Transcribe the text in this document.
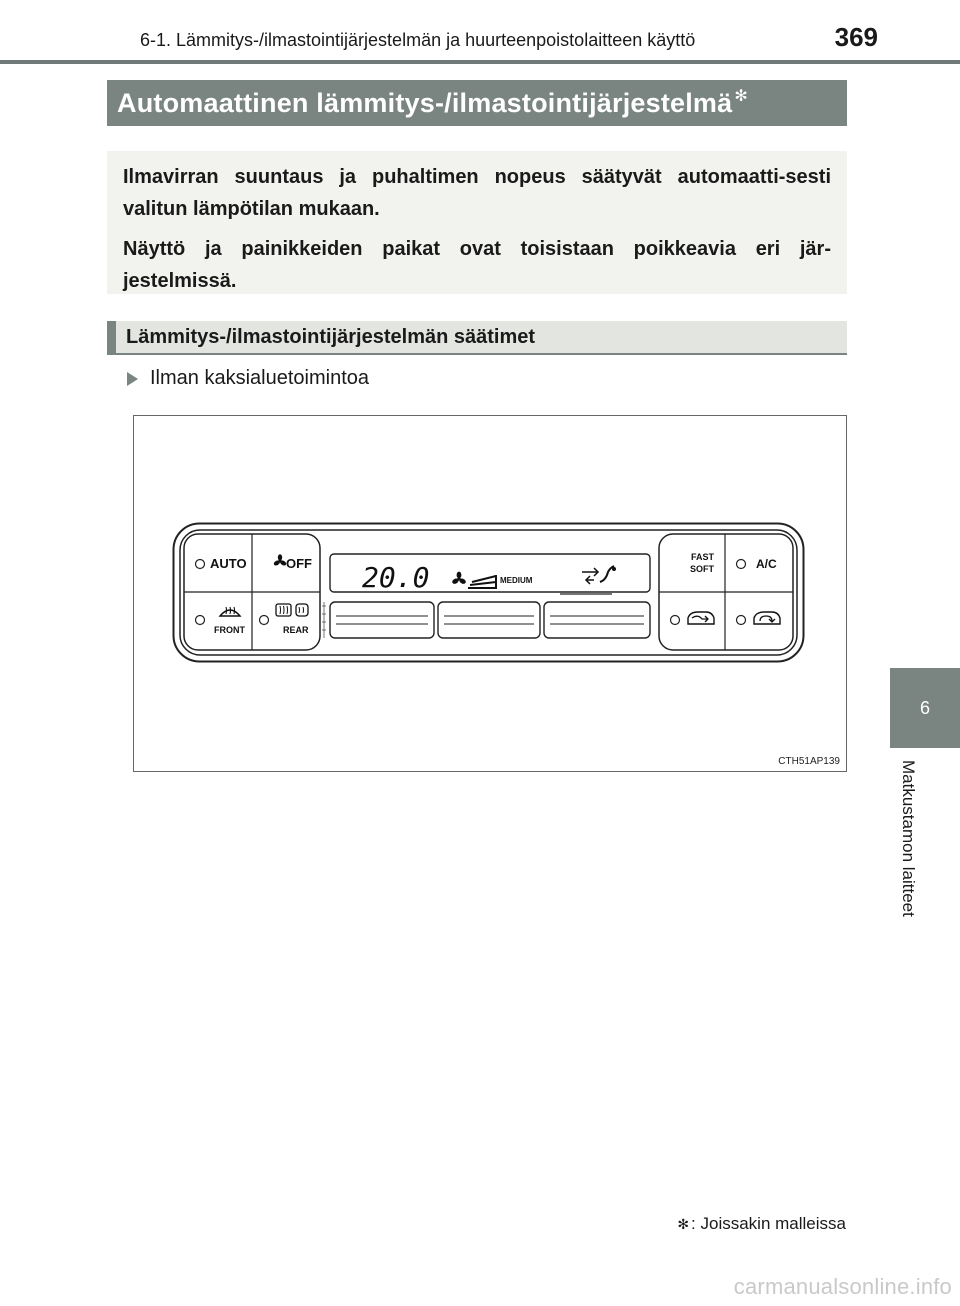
6-1. Lämmitys-/ilmastointijärjestelmän ja huurteenpoistolaitteen käyttö	369
Automaattinen lämmitys-/ilmastointijärjestelmä ✻

Ilmavirran suuntaus ja puhaltimen nopeus säätyvät automaatti-sesti valitun lämpötilan mukaan.

Näyttö ja painikkeiden paikat ovat toisistaan poikkeavia eri jär-jestelmissä.

Lämmitys-/ilmastointijärjestelmän säätimet
Ilman kaksialuetoimintoa
AUTO	OFF
FRONT	REAR
20.0	MEDIUM
FAST
SOFT	A/C
CTH51AP139
6
Matkustamon laitteet
✻ : Joissakin malleissa
carmanualsonline.info
